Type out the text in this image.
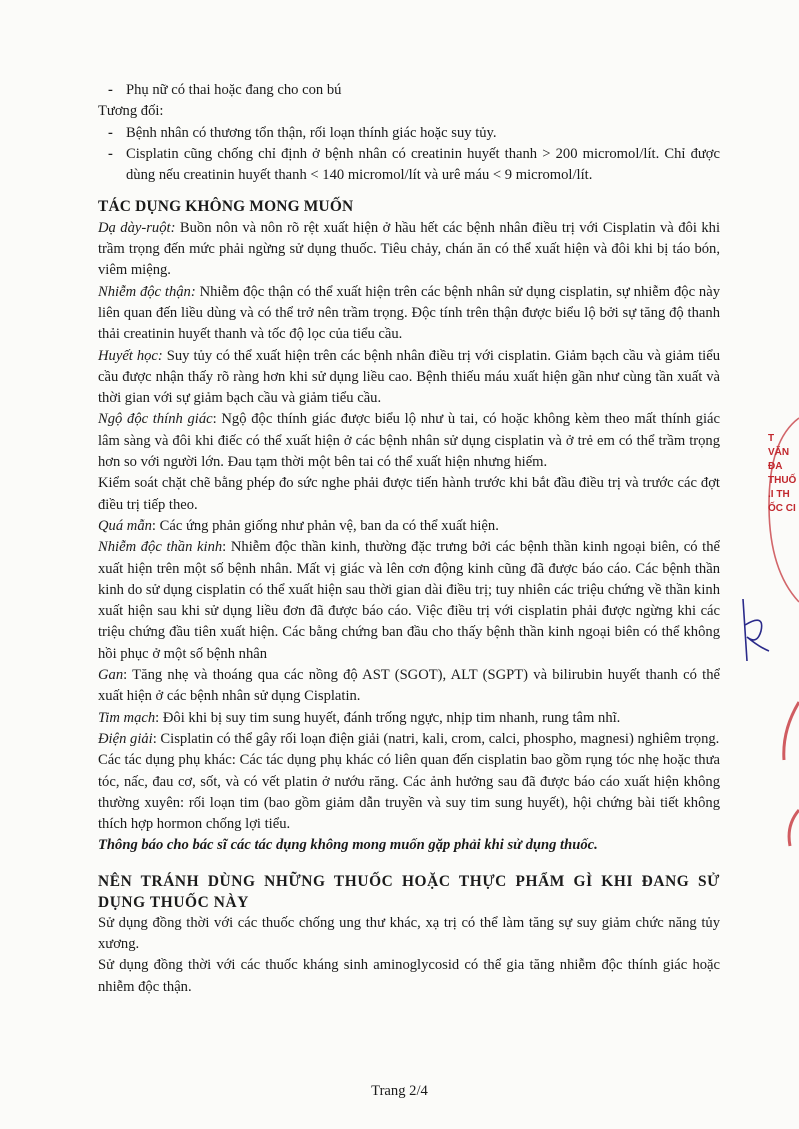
- Phụ nữ có thai hoặc đang cho con bú

Tương đối:

- Bệnh nhân có thương tổn thận, rối loạn thính giác hoặc suy tủy.
- Cisplatin cũng chống chỉ định ở bệnh nhân có creatinin huyết thanh > 200 micromol/lít. Chỉ được dùng nếu creatinin huyết thanh < 140 micromol/lít và urê máu < 9 micromol/lít.

TÁC DỤNG KHÔNG MONG MUỐN

Dạ dày-ruột: Buồn nôn và nôn rõ rệt xuất hiện ở hầu hết các bệnh nhân điều trị với Cisplatin và đôi khi trầm trọng đến mức phải ngừng sử dụng thuốc. Tiêu chảy, chán ăn có thể xuất hiện và đôi khi bị táo bón, viêm miệng.

Nhiễm độc thận: Nhiễm độc thận có thể xuất hiện trên các bệnh nhân sử dụng cisplatin, sự nhiễm độc này liên quan đến liều dùng và có thể trở nên trầm trọng. Độc tính trên thận được biểu lộ bởi sự tăng độ thanh thải creatinin huyết thanh và tốc độ lọc của tiểu cầu.

Huyết học: Suy tủy có thể xuất hiện trên các bệnh nhân điều trị với cisplatin. Giảm bạch cầu và giảm tiểu cầu được nhận thấy rõ ràng hơn khi sử dụng liều cao. Bệnh thiếu máu xuất hiện gần như cùng tần xuất và thời gian với sự giảm bạch cầu và giảm tiểu cầu.

Ngộ độc thính giác: Ngộ độc thính giác được biểu lộ như ù tai, có hoặc không kèm theo mất thính giác lâm sàng và đôi khi điếc có thể xuất hiện ở các bệnh nhân sử dụng cisplatin và ở trẻ em có thể trầm trọng hơn so với người lớn. Đau tạm thời một bên tai có thể xuất hiện nhưng hiếm.

Kiểm soát chặt chẽ bằng phép đo sức nghe phải được tiến hành trước khi bắt đầu điều trị và trước các đợt điều trị tiếp theo.

Quá mẫn: Các ứng phản giống như phản vệ, ban da có thể xuất hiện.

Nhiễm độc thần kinh: Nhiễm độc thần kinh, thường đặc trưng bởi các bệnh thần kinh ngoại biên, có thể xuất hiện trên một số bệnh nhân. Mất vị giác và lên cơn động kinh cũng đã được báo cáo. Các bệnh thần kinh do sử dụng cisplatin có thể xuất hiện sau thời gian dài điều trị; tuy nhiên các triệu chứng về thần kinh xuất hiện sau khi sử dụng liều đơn đã được báo cáo. Việc điều trị với cisplatin phải được ngừng khi các triệu chứng đầu tiên xuất hiện. Các bằng chứng ban đầu cho thấy bệnh thần kinh ngoại biên có thể không hồi phục ở một số bệnh nhân

Gan: Tăng nhẹ và thoáng qua các nồng độ AST (SGOT), ALT (SGPT) và bilirubin huyết thanh có thể xuất hiện ở các bệnh nhân sử dụng Cisplatin.

Tim mạch: Đôi khi bị suy tim sung huyết, đánh trống ngực, nhịp tim nhanh, rung tâm nhĩ.

Điện giải: Cisplatin có thể gây rối loạn điện giải (natri, kali, crom, calci, phospho, magnesi) nghiêm trọng.

Các tác dụng phụ khác: Các tác dụng phụ khác có liên quan đến cisplatin bao gồm rụng tóc nhẹ hoặc thưa tóc, nấc, đau cơ, sốt, và có vết platin ở nướu răng. Các ảnh hưởng sau đã được báo cáo xuất hiện không thường xuyên: rối loạn tim (bao gồm giảm dẫn truyền và suy tim sung huyết), hội chứng bài tiết không thích hợp hormon chống lợi tiểu.

Thông báo cho bác sĩ các tác dụng không mong muốn gặp phải khi sử dụng thuốc.

NÊN TRÁNH DÙNG NHỮNG THUỐC HOẶC THỰC PHẨM GÌ KHI ĐANG SỬ DỤNG THUỐC NÀY

Sử dụng đồng thời với các thuốc chống ung thư khác, xạ trị có thể làm tăng sự suy giảm chức năng tủy xương.

Sử dụng đồng thời với các thuốc kháng sinh aminoglycosid có thể gia tăng nhiễm độc thính giác hoặc nhiễm độc thận.

Trang 2/4
T
VĂN
ĐA
THUỐ
.I TH
ỐC CI
